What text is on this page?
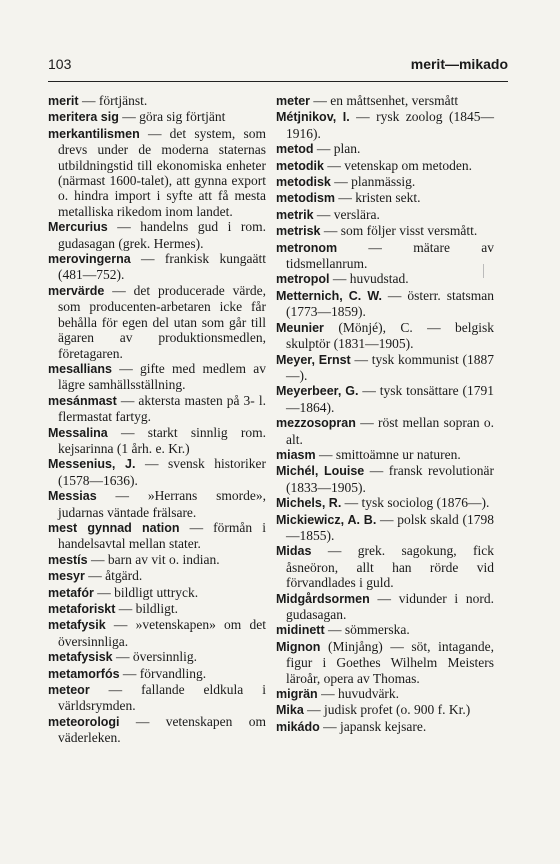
103	merit—mikado
merit — förtjänst.
meritera sig — göra sig förtjänt
merkantilismen — det system, som drevs under de moderna staternas utbildningstid till ekonomiska enheter (närmast 1600-talet), att gynna export o. hindra import i syfte att få mesta metalliska rikedom inom landet.
Mercurius — handelns gud i rom. gudasagan (grek. Hermes).
merovingerna — frankisk kungaätt (481—752).
mervärde — det producerade värde, som producenten-arbetaren icke får behålla för egen del utan som går till ägaren av produktionsmedlen, företagaren.
mesallians — gifte med medlem av lägre samhällsställning.
mesánmast — aktersta masten på 3- l. flermastat fartyg.
Messalina — starkt sinnlig rom. kejsarinna (1 årh. e. Kr.)
Messenius, J. — svensk historiker (1578—1636).
Messias — »Herrans smorde», judarnas väntade frälsare.
mest gynnad nation — förmån i handelsavtal mellan stater.
mestís — barn av vit o. indian.
mesyr — åtgärd.
metafór — bildligt uttryck.
metaforiskt — bildligt.
metafysik — »vetenskapen» om det översinnliga.
metafysisk — översinnlig.
metamorfós — förvandling.
meteor — fallande eldkula i världsrymden.
meteorologi — vetenskapen om väderleken.
meter — en måttsenhet, versmått
Métjnikov, I. — rysk zoolog (1845—1916).
metod — plan.
metodik — vetenskap om metoden.
metodisk — planmässig.
metodism — kristen sekt.
metrik — verslära.
metrisk — som följer visst versmått.
metronom — mätare av tidsmellanrum.
metropol — huvudstad.
Metternich, C. W. — österr. statsman (1773—1859).
Meunier (Mönjé), C. — belgisk skulptör (1831—1905).
Meyer, Ernst — tysk kommunist (1887—).
Meyerbeer, G. — tysk tonsättare (1791—1864).
mezzosopran — röst mellan sopran o. alt.
miasm — smittoämne ur naturen.
Michél, Louise — fransk revolutionär (1833—1905).
Michels, R. — tysk sociolog (1876—).
Mickiewicz, A. B. — polsk skald (1798—1855).
Midas — grek. sagokung, fick åsneöron, allt han rörde vid förvandlades i guld.
Midgårdsormen — vidunder i nord. gudasagan.
midinett — sömmerska.
Mignon (Minjång) — söt, intagande, figur i Goethes Wilhelm Meisters läroår, opera av Thomas.
migrän — huvudvärk.
Mika — judisk profet (o. 900 f. Kr.)
mikádo — japansk kejsare.
